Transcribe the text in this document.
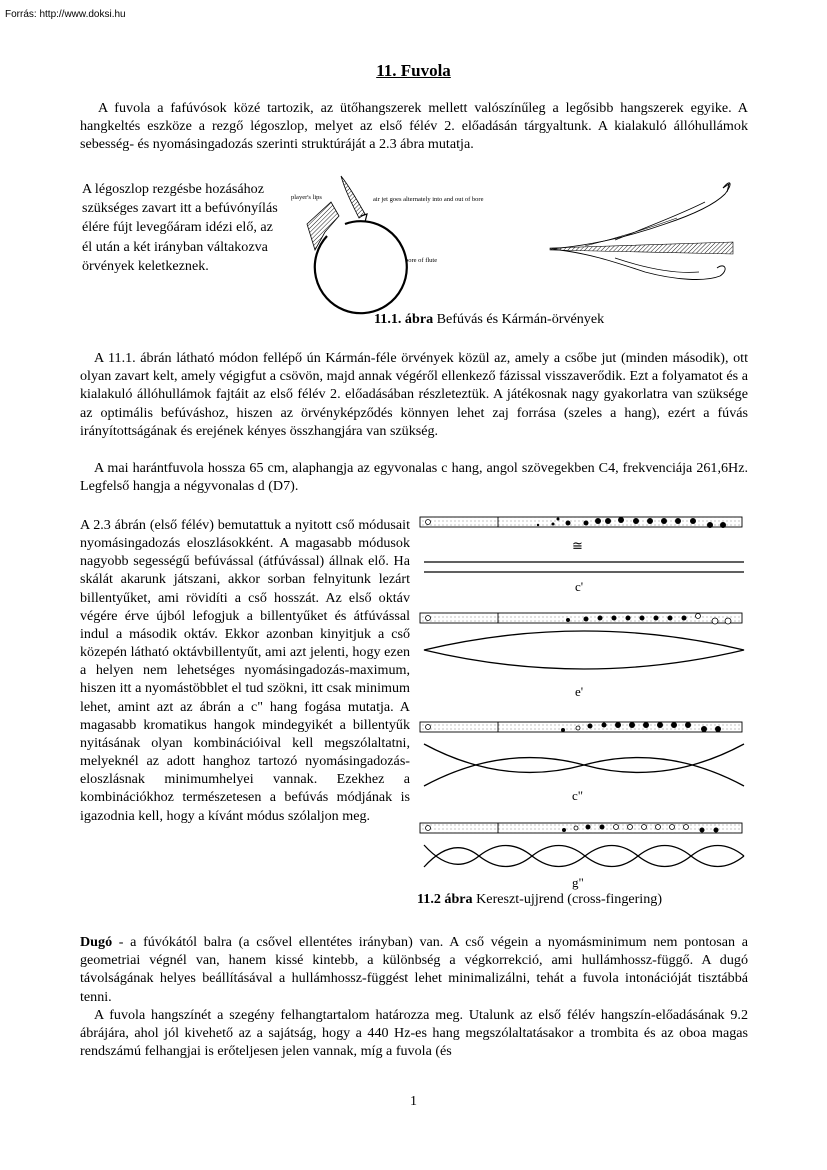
Forrás: http://www.doksi.hu
11. Fuvola
A fuvola a fafúvósok közé tartozik, az ütőhangszerek mellett valószínűleg a legősibb hangszerek egyike. A hangkeltés eszköze a rezgő légoszlop, melyet az első félév 2. előadásán tárgyaltunk. A kialakuló állóhullámok sebesség- és nyomásingadozás szerinti struktúráját a 2.3 ábra mutatja.
A légoszlop rezgésbe hozásához szükséges zavart itt a befúvónyílás élére fújt levegőáram idézi elő, az él után a két irányban váltakozva örvények keletkeznek.
player's lips	air jet goes alternately into and out of bore
bore of flute
11.1. ábra Befúvás és Kármán-örvények
A 11.1. ábrán látható módon fellépő ún Kármán-féle örvények közül az, amely a csőbe jut (minden második), ott olyan zavart kelt, amely végigfut a csövön, majd annak végéről ellenkező fázissal visszaverődik. Ezt a folyamatot és a kialakuló állóhullámok fajtáit az első félév 2. előadásában részleteztük. A játékosnak nagy gyakorlatra van szüksége az optimális befúváshoz, hiszen az örvényképződés könnyen lehet zaj forrása (szeles a hang), ezért a fúvás irányítottságának és erejének kényes összhangjára van szükség.
A mai harántfuvola hossza 65 cm, alaphangja az egyvonalas c hang, angol szövegekben C4, frekvenciája 261,6Hz. Legfelső hangja a négyvonalas d (D7).
A 2.3 ábrán (első félév) bemutattuk a nyitott cső módusait nyomásingadozás eloszlásokként. A magasabb módusok nagyobb segességű befúvással (átfúvással) állnak elő. Ha skálát akarunk játszani, akkor sorban felnyitunk lezárt billentyűket, ami rövidíti a cső hosszát. Az első oktáv végére érve újból lefogjuk a billentyűket és átfúvással indul a második oktáv. Ekkor azonban kinyitjuk a cső közepén látható oktávbillentyűt, ami azt jelenti, hogy ezen a helyen nem lehetséges nyomásingadozás-maximum, hiszen itt a nyomástöbblet el tud szökni, itt csak minimum lehet, amint azt az ábrán a c" hang fogása mutatja. A magasabb kromatikus hangok mindegyikét a billentyűk nyitásának olyan kombinációival kell megszólaltatni, melyeknél az adott hanghoz tartozó nyomásingadozás-eloszlásnak minimumhelyei vannak. Ezekhez a kombinációkhoz természetesen a befúvás módjának is igazodnia kell, hogy a kívánt módus szólaljon meg.
≅
c'
e'
c"
g"
11.2 ábra Kereszt-ujjrend (cross-fingering)
Dugó - a fúvókától balra (a csővel ellentétes irányban) van. A cső végein a nyomásminimum nem pontosan a geometriai végnél van, hanem kissé kintebb, a különbség a végkorrekció, ami hullámhossz-függő. A dugó távolságának helyes beállításával a hullámhossz-függést lehet minimalizálni, tehát a fuvola intonációját tisztábbá tenni.
A fuvola hangszínét a szegény felhangtartalom határozza meg. Utalunk az első félév hangszín-előadásának 9.2 ábrájára, ahol jól kivehető az a sajátság, hogy a 440 Hz-es hang megszólaltatásakor a trombita és az oboa magas rendszámú felhangjai is erőteljesen jelen vannak, míg a fuvola (és
1
